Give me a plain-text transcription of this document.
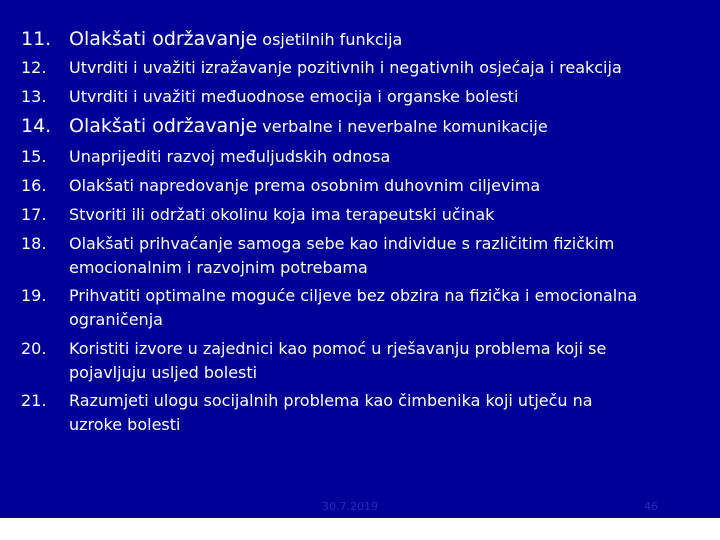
11. Olakšati održavanje osjetilnih funkcija
12. Utvrditi i uvažiti izražavanje pozitivnih i negativnih osjećaja i reakcija
13. Utvrditi i uvažiti međuodnose emocija i organske bolesti
14. Olakšati održavanje verbalne i neverbalne komunikacije
15. Unaprijediti razvoj međuljudskih odnosa
16. Olakšati napredovanje prema osobnim duhovnim ciljevima
17. Stvoriti ili održati okolinu koja ima terapeutski učinak
18. Olakšati prihvaćanje samoga sebe kao individue s različitim fizičkim
emocionalnim i razvojnim potrebama
19. Prihvatiti optimalne moguće ciljeve bez obzira na fizička i emocionalna
ograničenja
20. Koristiti izvore u zajednici kao pomoć u rješavanju problema koji se
pojavljuju usljed bolesti
21. Razumjeti ulogu socijalnih problema kao čimbenika koji utječu na
uzroke bolesti
30.7.2019	46
